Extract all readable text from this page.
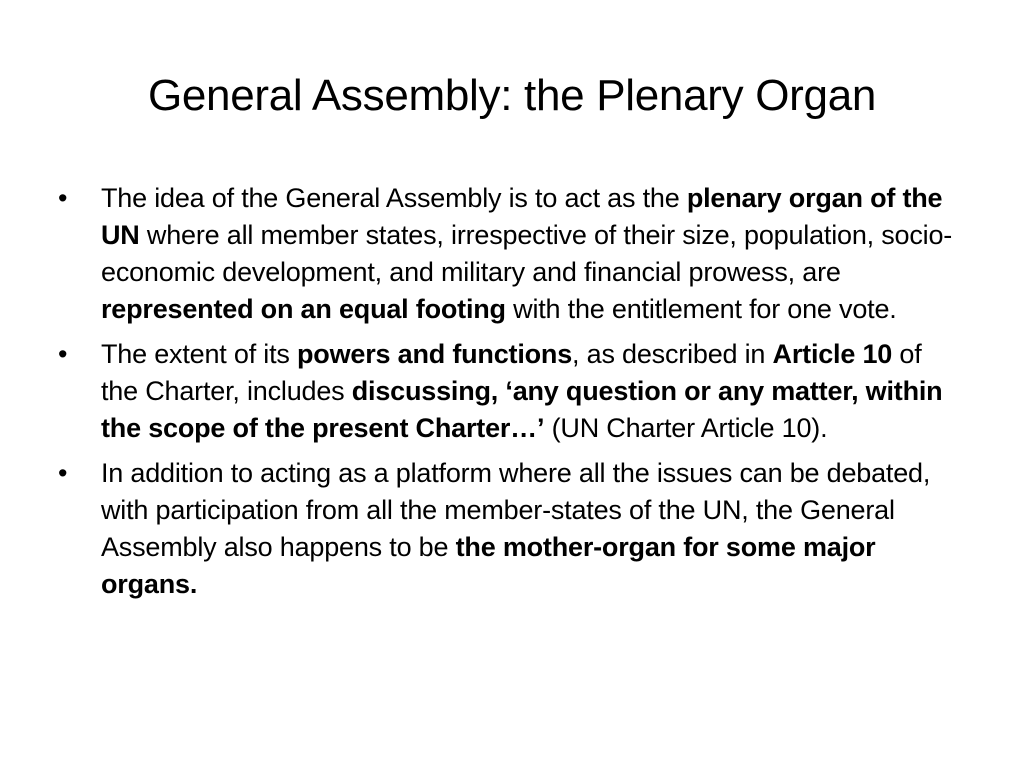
General Assembly: the Plenary Organ
• The idea of the General Assembly is to act as the plenary organ of the UN where all member states, irrespective of their size, population, socio-economic development, and military and financial prowess, are represented on an equal footing with the entitlement for one vote.
• The extent of its powers and functions, as described in Article 10 of the Charter, includes discussing, ‘any question or any matter, within the scope of the present Charter…’ (UN Charter Article 10).
• In addition to acting as a platform where all the issues can be debated, with participation from all the member-states of the UN, the General Assembly also happens to be the mother-organ for some major organs.
